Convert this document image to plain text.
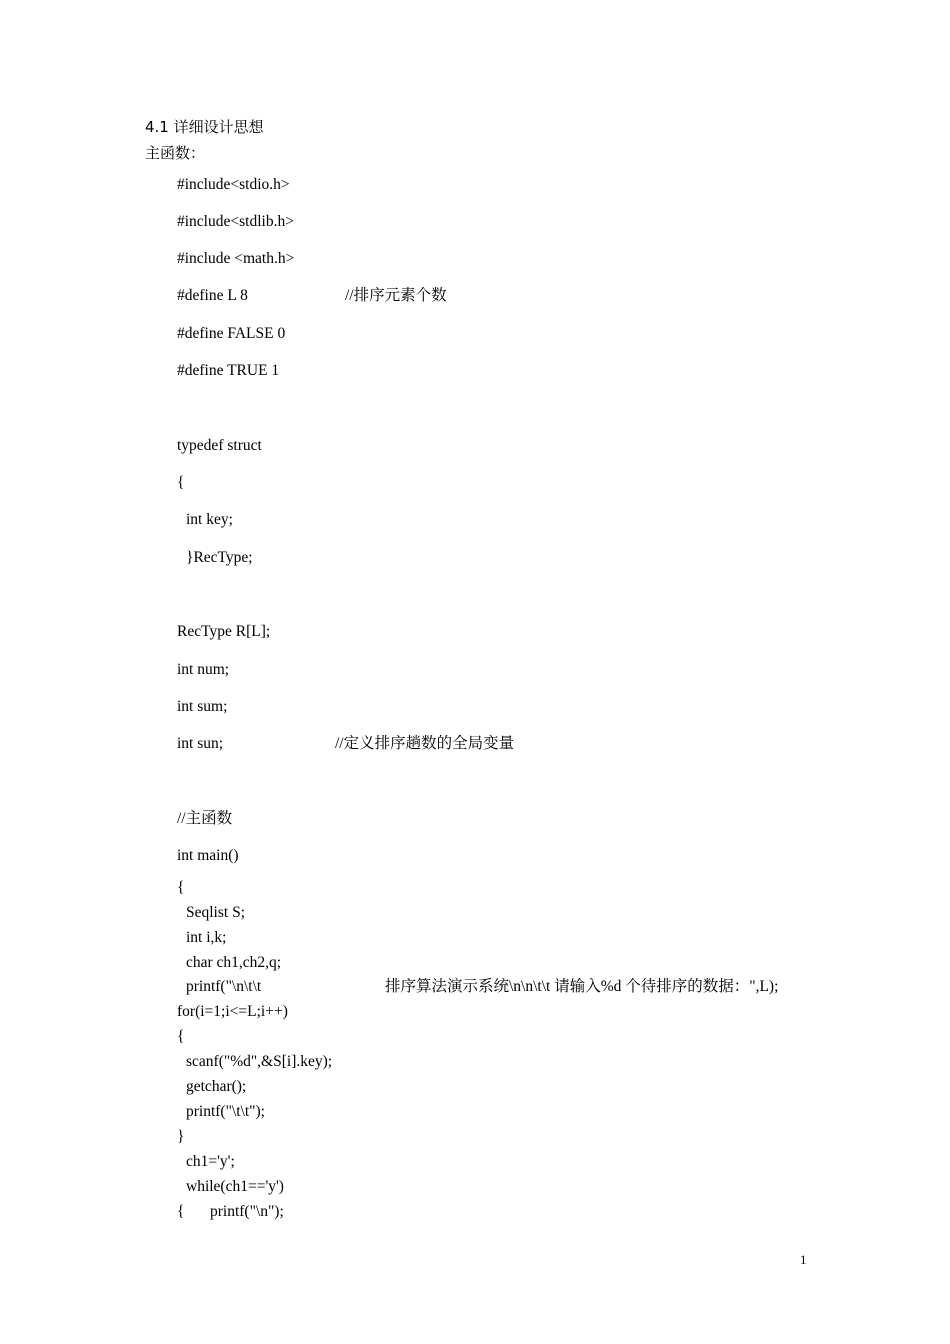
4.1 详细设计思想
主函数：
#include<stdio.h>
#include<stdlib.h>
#include <math.h>
#define L 8	//排序元素个数
#define FALSE 0
#define TRUE 1
typedef struct
{
int key;
}RecType;
RecType R[L];
int num;
int sum;
int sun;	//定义排序趟数的全局变量
//主函数
int main()
{
Seqlist S;
int i,k;
char ch1,ch2,q;
printf("\n\t\t	排序算法演示系统\n\n\t\t 请输入%d 个待排序的数据：",L);
for(i=1;i<=L;i++)
{
scanf("%d",&S[i].key);
getchar();
printf("\t\t");
}
ch1='y';
while(ch1=='y')
{ printf("\n");
1
